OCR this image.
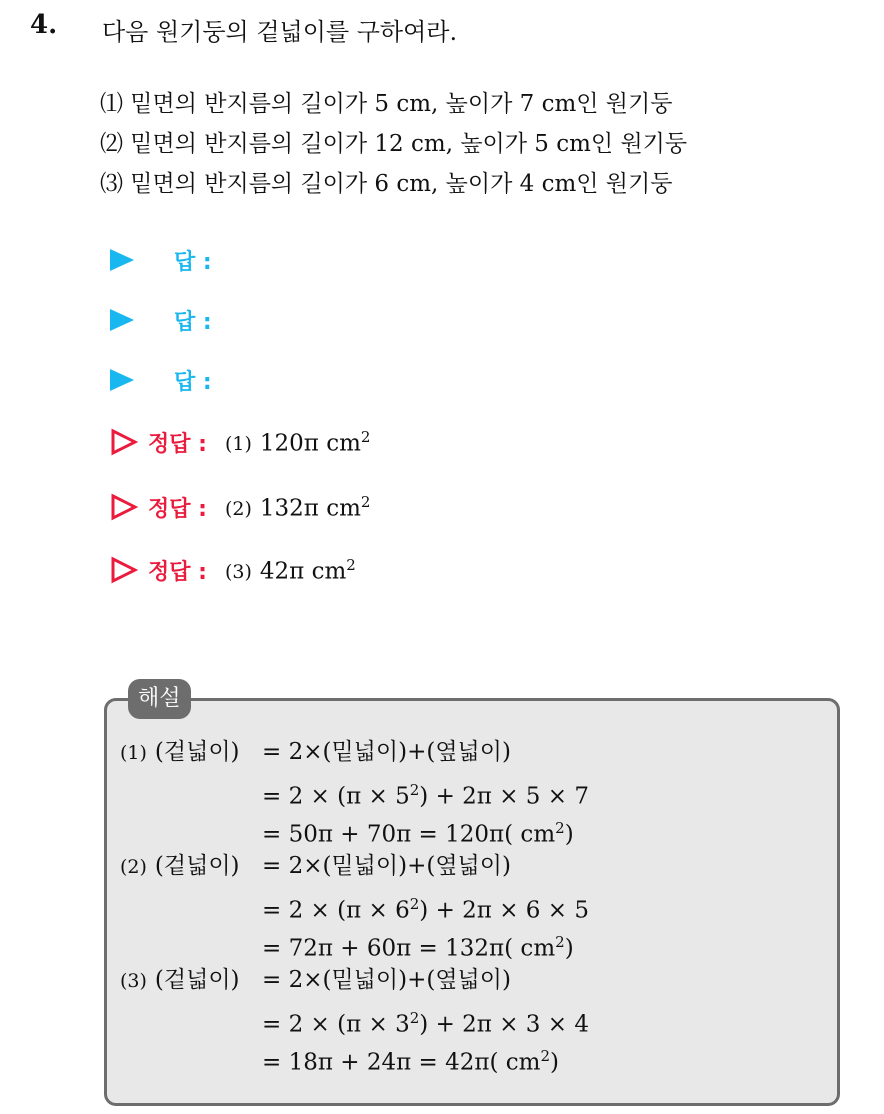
4. 다음 원기둥의 겉넓이를 구하여라.
⑴ 밑면의 반지름의 길이가 5 cm, 높이가 7 cm인 원기둥
⑵ 밑면의 반지름의 길이가 12 cm, 높이가 5 cm인 원기둥
⑶ 밑면의 반지름의 길이가 6 cm, 높이가 4 cm인 원기둥
답 :
답 :
답 :
정답 : (1) 120π $cm^2$
정답 : (2) 132π $cm^2$
정답 : (3) 42π $cm^2$
해설
(1) (겉넓이) = 2×(밑넓이)+(옆넓이)
= $2 \times (\pi \times 5^2) + 2\pi \times 5 \times 7$
= 50π + 70π = 120π( $cm^2$)
(2) (겉넓이) = 2×(밑넓이)+(옆넓이)
= $2 \times (\pi \times 6^2) + 2\pi \times 6 \times 5$
= 72π + 60π = 132π( $cm^2$)
(3) (겉넓이) = 2×(밑넓이)+(옆넓이)
= $2 \times (\pi \times 3^2) + 2\pi \times 3 \times 4$
= 18π + 24π = 42π( $cm^2$)
